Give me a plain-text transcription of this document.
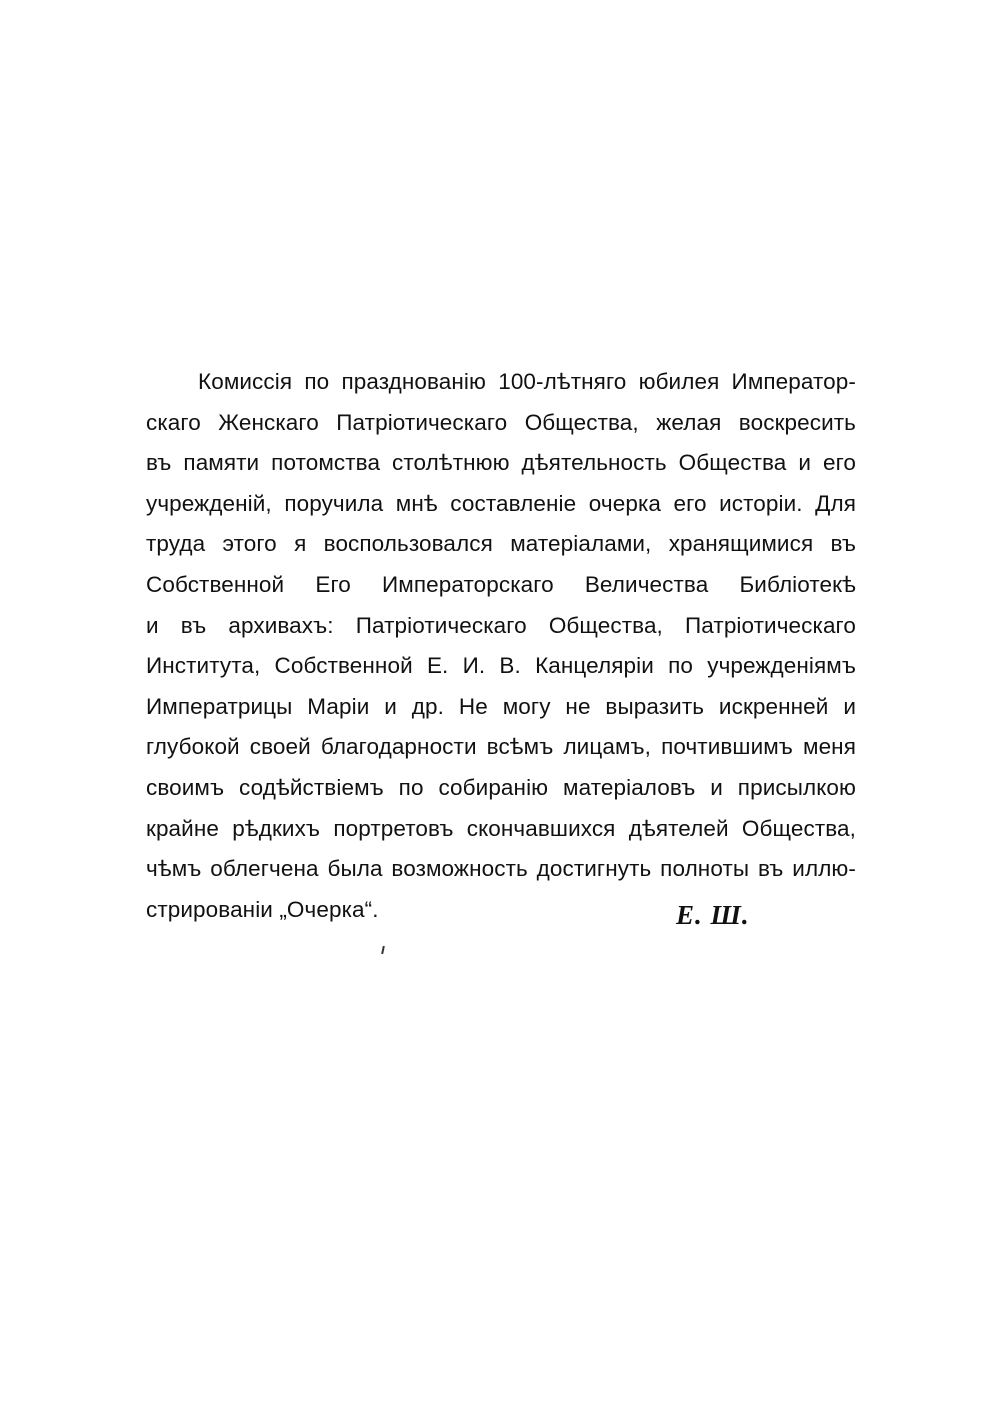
Комиссія по празднованію 100-лѣтняго юбилея Император-
скаго Женскаго Патріотическаго Общества, желая воскресить
въ памяти потомства столѣтнюю дѣятельность Общества и его
учрежденій, поручила мнѣ составленіе очерка его исторіи. Для
труда этого я воспользовался матеріалами, хранящимися въ
Собственной Его Императорскаго Величества Библіотекѣ
и въ архивахъ: Патріотическаго Общества, Патріотическаго
Института, Собственной Е. И. В. Канцеляріи по учрежденіямъ
Императрицы Маріи и др. Не могу не выразить искренней и
глубокой своей благодарности всѣмъ лицамъ, почтившимъ меня
своимъ содѣйствіемъ по собиранію матеріаловъ и присылкою
крайне рѣдкихъ портретовъ скончавшихся дѣятелей Общества,
чѣмъ облегчена была возможность достигнуть полноты въ иллю-
стрированіи „Очерка“.	Е. Ш.
